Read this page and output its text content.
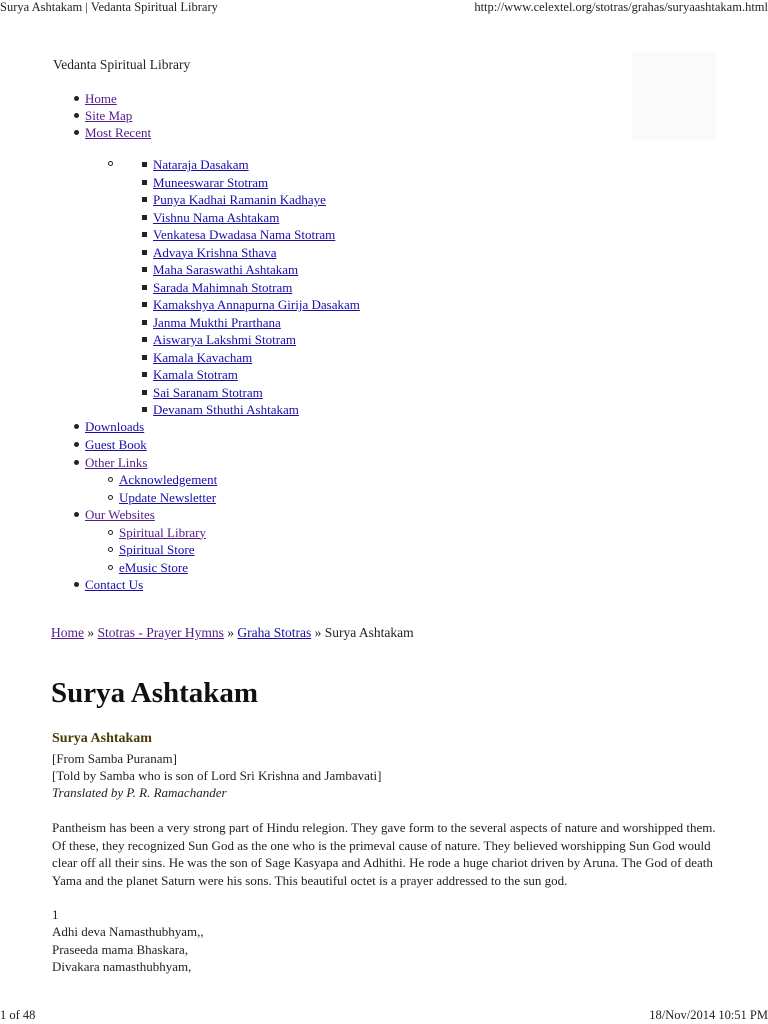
Surya Ashtakam | Vedanta Spiritual Library	http://www.celextel.org/stotras/grahas/suryaashtakam.html
Vedanta Spiritual Library
Home
Site Map
Most Recent
Nataraja Dasakam
Muneeswarar Stotram
Punya Kadhai Ramanin Kadhaye
Vishnu Nama Ashtakam
Venkatesa Dwadasa Nama Stotram
Advaya Krishna Sthava
Maha Saraswathi Ashtakam
Sarada Mahimnah Stotram
Kamakshya Annapurna Girija Dasakam
Janma Mukthi Prarthana
Aiswarya Lakshmi Stotram
Kamala Kavacham
Kamala Stotram
Sai Saranam Stotram
Devanam Sthuthi Ashtakam
Downloads
Guest Book
Other Links
Acknowledgement
Update Newsletter
Our Websites
Spiritual Library
Spiritual Store
eMusic Store
Contact Us
Home » Stotras - Prayer Hymns » Graha Stotras » Surya Ashtakam
Surya Ashtakam
Surya Ashtakam
[From Samba Puranam]
[Told by Samba who is son of Lord Sri Krishna and Jambavati]
Translated by P. R. Ramachander
Pantheism has been a very strong part of Hindu relegion. They gave form to the several aspects of nature and worshipped them. Of these, they recognized Sun God as the one who is the primeval cause of nature. They believed worshipping Sun God would clear off all their sins. He was the son of Sage Kasyapa and Adhithi. He rode a huge chariot driven by Aruna. The God of death Yama and the planet Saturn were his sons. This beautiful octet is a prayer addressed to the sun god.
1
Adhi deva Namasthubhyam,,
Praseeda mama Bhaskara,
Divakara namasthubhyam,
1 of 48	18/Nov/2014 10:51 PM
